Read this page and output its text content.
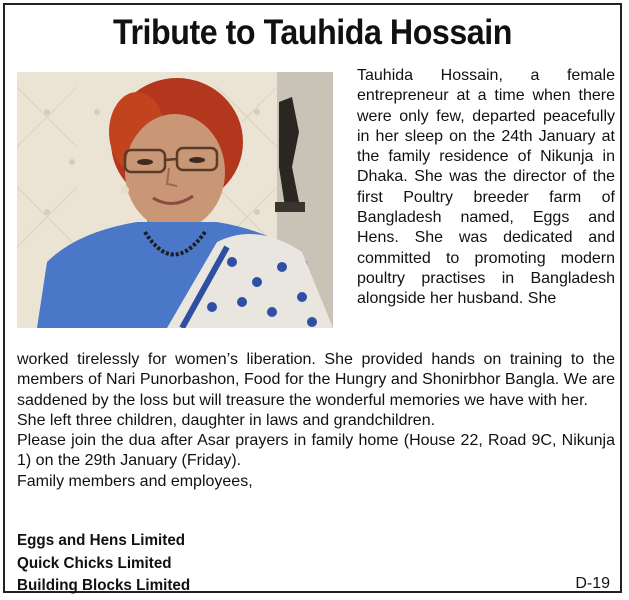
Tribute to Tauhida Hossain
Tauhida Hossain, a female entrepreneur at a time when there were only few, departed peacefully in her sleep on the 24th January at the family residence of Nikunja in Dhaka. She was the director of the first Poultry breeder farm of Bangladesh named, Eggs and Hens. She was dedicated and committed to promoting modern poultry practises in Bangladesh alongside her husband. She

worked tirelessly for women’s liberation. She provided hands on training to the members of Nari Punorbashon, Food for the Hungry and Shonirbhor Bangla. We are saddened by the loss but will treasure the wonderful memories we have with her.

She left three children, daughter in laws and grandchildren.

Please join the dua after Asar prayers in family home (House 22, Road 9C, Nikunja 1) on the 29th January (Friday).

Family members and employees,

Eggs and Hens Limited
Quick Chicks Limited
Building Blocks Limited	D-19
